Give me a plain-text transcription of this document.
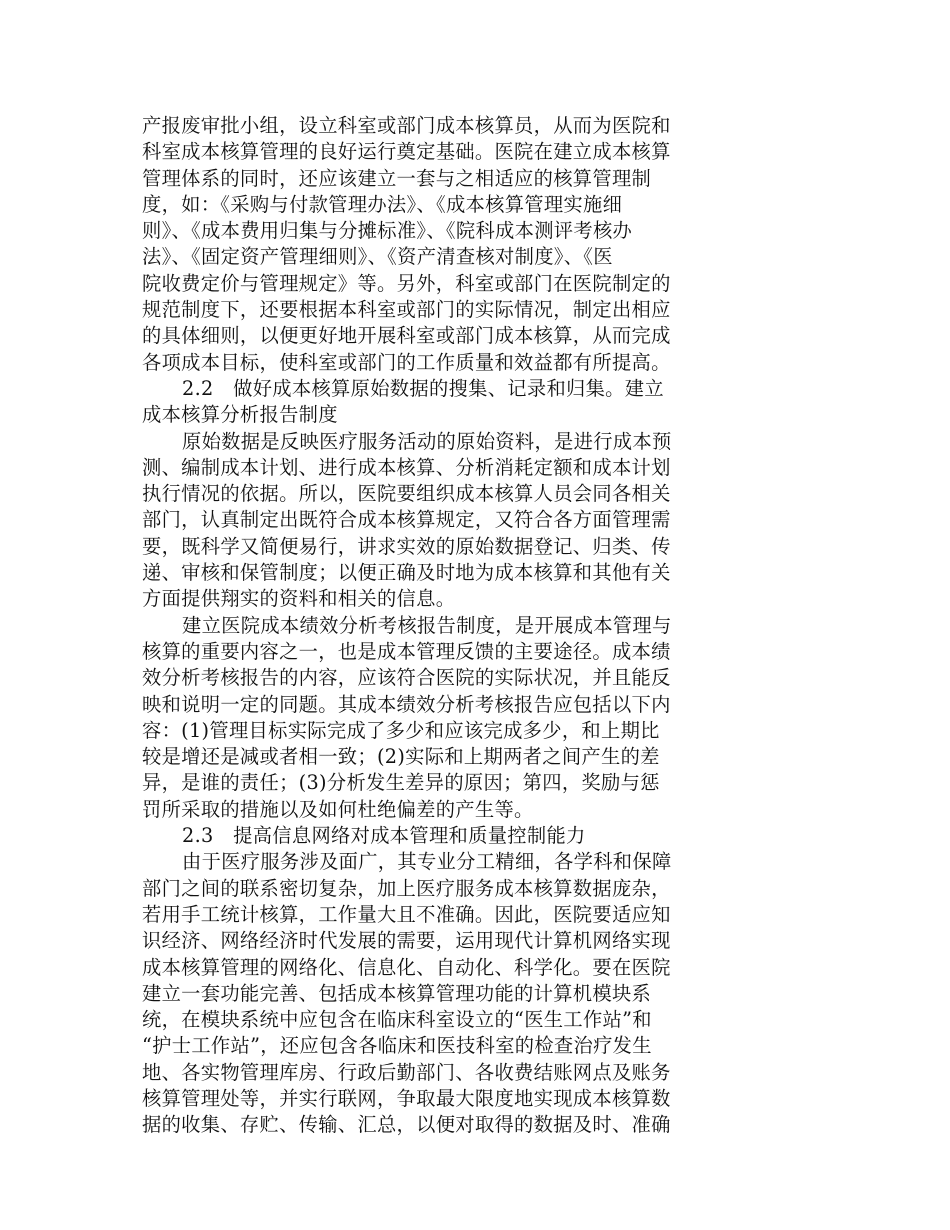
产报废审批小组，设立科室或部门成本核算员，从而为医院和
科室成本核算管理的良好运行奠定基础。医院在建立成本核算
管理体系的同时，还应该建立一套与之相适应的核算管理制
度，如：《采购与付款管理办法》、《成本核算管理实施细
则》、《成本费用归集与分摊标准》、《院科成本测评考核办
法》、《固定资产管理细则》、《资产清查核对制度》、《医
院收费定价与管理规定》等。另外，科室或部门在医院制定的
规范制度下，还要根据本科室或部门的实际情况，制定出相应
的具体细则，以便更好地开展科室或部门成本核算，从而完成
各项成本目标，使科室或部门的工作质量和效益都有所提高。
2.2　做好成本核算原始数据的搜集、记录和归集。建立
成本核算分析报告制度
原始数据是反映医疗服务活动的原始资料，是进行成本预
测、编制成本计划、进行成本核算、分析消耗定额和成本计划
执行情况的依据。所以，医院要组织成本核算人员会同各相关
部门，认真制定出既符合成本核算规定，又符合各方面管理需
要，既科学又简便易行，讲求实效的原始数据登记、归类、传
递、审核和保管制度；以便正确及时地为成本核算和其他有关
方面提供翔实的资料和相关的信息。
建立医院成本绩效分析考核报告制度，是开展成本管理与
核算的重要内容之一，也是成本管理反馈的主要途径。成本绩
效分析考核报告的内容，应该符合医院的实际状况，并且能反
映和说明一定的同题。其成本绩效分析考核报告应包括以下内
容：(1)管理目标实际完成了多少和应该完成多少，和上期比
较是增还是减或者相一致；(2)实际和上期两者之间产生的差
异，是谁的责任；(3)分析发生差异的原因；第四，奖励与惩
罚所采取的措施以及如何杜绝偏差的产生等。
2.3　提高信息网络对成本管理和质量控制能力
由于医疗服务涉及面广，其专业分工精细，各学科和保障
部门之间的联系密切复杂，加上医疗服务成本核算数据庞杂，
若用手工统计核算，工作量大且不准确。因此，医院要适应知
识经济、网络经济时代发展的需要，运用现代计算机网络实现
成本核算管理的网络化、信息化、自动化、科学化。要在医院
建立一套功能完善、包括成本核算管理功能的计算机模块系
统，在模块系统中应包含在临床科室设立的“医生工作站”和
“护士工作站”，还应包含各临床和医技科室的检查治疗发生
地、各实物管理库房、行政后勤部门、各收费结账网点及账务
核算管理处等，并实行联网，争取最大限度地实现成本核算数
据的收集、存贮、传输、汇总，以便对取得的数据及时、准确
